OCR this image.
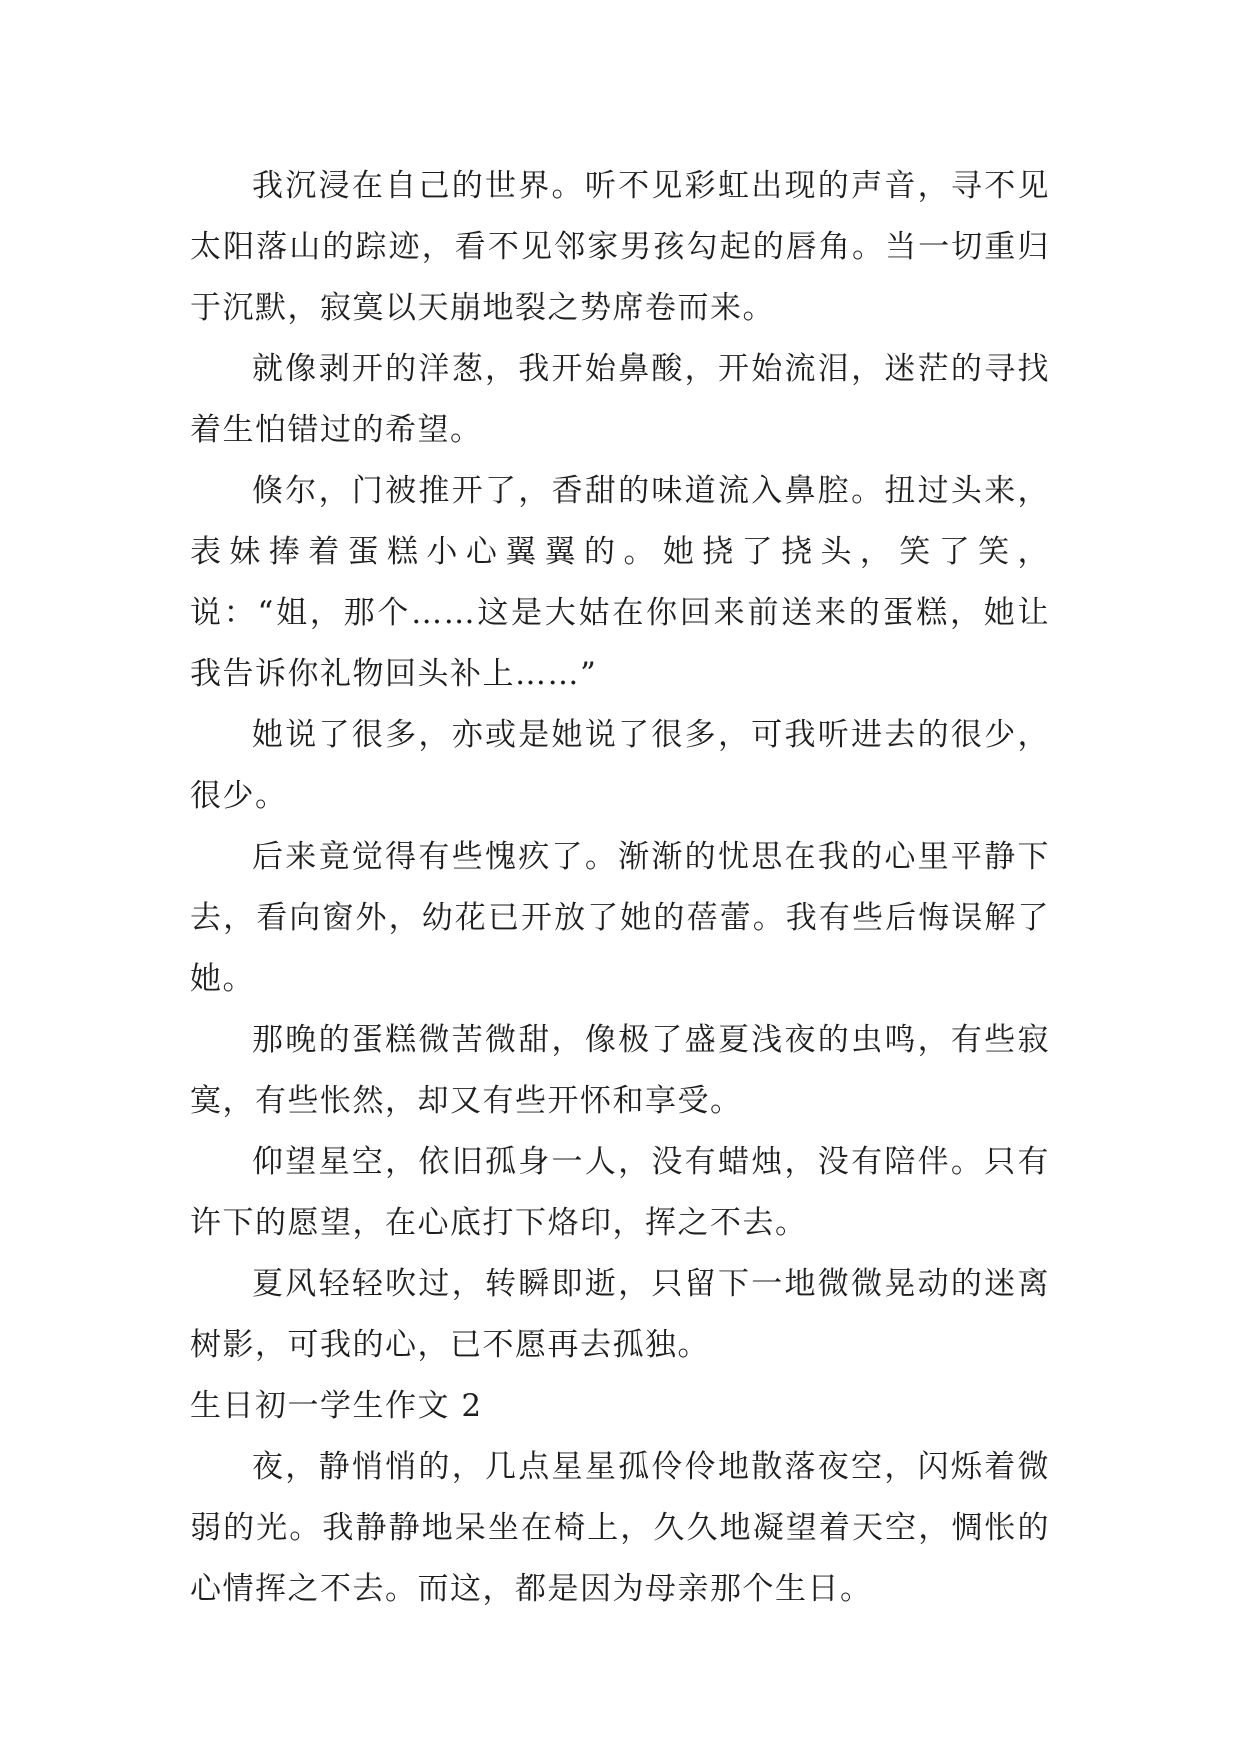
我沉浸在自己的世界。听不见彩虹出现的声音，寻不见太阳落山的踪迹，看不见邻家男孩勾起的唇角。当一切重归于沉默，寂寞以天崩地裂之势席卷而来。

就像剥开的洋葱，我开始鼻酸，开始流泪，迷茫的寻找着生怕错过的希望。

倏尔，门被推开了，香甜的味道流入鼻腔。扭过头来，表妹捧着蛋糕小心翼翼的。她挠了挠头，笑了笑，说：“姐，那个……这是大姑在你回来前送来的蛋糕，她让我告诉你礼物回头补上……”

她说了很多，亦或是她说了很多，可我听进去的很少，很少。

后来竟觉得有些愧疚了。渐渐的忧思在我的心里平静下去，看向窗外，幼花已开放了她的蓓蕾。我有些后悔误解了她。

那晚的蛋糕微苦微甜，像极了盛夏浅夜的虫鸣，有些寂寞，有些怅然，却又有些开怀和享受。

仰望星空，依旧孤身一人，没有蜡烛，没有陪伴。只有许下的愿望，在心底打下烙印，挥之不去。

夏风轻轻吹过，转瞬即逝，只留下一地微微晃动的迷离树影，可我的心，已不愿再去孤独。

生日初一学生作文 2

夜，静悄悄的，几点星星孤伶伶地散落夜空，闪烁着微弱的光。我静静地呆坐在椅上，久久地凝望着天空，惆怅的心情挥之不去。而这，都是因为母亲那个生日。
